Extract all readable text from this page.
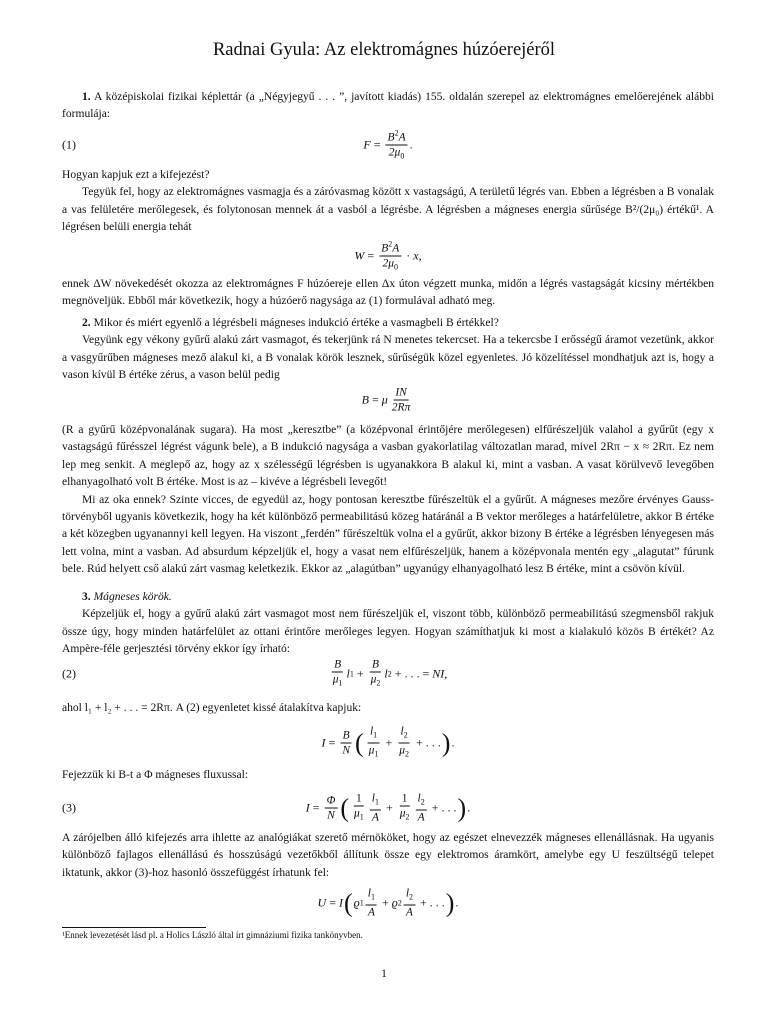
Radnai Gyula: Az elektromágnes húzóerejéről

1. A középiskolai fizikai képlettár (a „Négyjegyű . . . ”, javított kiadás) 155. oldalán szerepel az elektromágnes emelőerejének alábbi formulája:

(1)	$F = \frac{B^2A}{2\mu_0}$ .

Hogyan kapjuk ezt a kifejezést?

Tegyük fel, hogy az elektromágnes vasmagja és a záróvasmag között x vastagságú, A területű légrés van. Ebben a légrésben a B vonalak a vas felületére merőlegesek, és folytonosan mennek át a vasból a légrésbe. A légrésben a mágneses energia sűrűsége B²/(2μ₀) értékű¹. A légrésen belüli energia tehát

$W = \frac{B^2A}{2\mu_0} \cdot x$ ,

ennek ΔW növekedését okozza az elektromágnes F húzóereje ellen Δx úton végzett munka, midőn a légrés vastagságát kicsiny mértékben megnöveljük. Ebből már következik, hogy a húzóerő nagysága az (1) formulával adható meg.

2. Mikor és miért egyenlő a légrésbeli mágneses indukció értéke a vasmagbeli B értékkel?

Vegyünk egy vékony gyűrű alakú zárt vasmagot, és tekerjünk rá N menetes tekercset. Ha a tekercsbe I erősségű áramot vezetünk, akkor a vasgyűrűben mágneses mező alakul ki, a B vonalak körök lesznek, sűrűségük közel egyenletes. Jó közelítéssel mondhatjuk azt is, hogy a vason kívül B értéke zérus, a vason belül pedig

B = μ $\frac{IN}{2R\pi}$

(R a gyűrű középvonalának sugara). Ha most „keresztbe” (a középvonal érintőjére merőlegesen) elfűrészeljük valahol a gyűrűt (egy x vastagságú fűrésszel légrést vágunk bele), a B indukció nagysága a vasban gyakorlatilag változatlan marad, mivel 2Rπ − x ≈ 2Rπ. Ez nem lep meg senkit. A meglepő az, hogy az x szélességű légrésben is ugyanakkora B alakul ki, mint a vasban. A vasat körülvevő levegőben elhanyagolható volt B értéke. Most is az – kivéve a légrésbeli levegőt!

Mi az oka ennek? Szinte vicces, de egyedül az, hogy pontosan keresztbe fűrészeltük el a gyűrűt. A mágneses mezőre érvényes Gauss-törvényből ugyanis következik, hogy ha két különböző permeabilitású közeg határánál a B vektor merőleges a határfelületre, akkor B értéke a két közegben ugyanannyi kell legyen. Ha viszont „ferdén” fűrészeltük volna el a gyűrűt, akkor bizony B értéke a légrésben lényegesen más lett volna, mint a vasban. Ad absurdum képzeljük el, hogy a vasat nem elfűrészeljük, hanem a középvonala mentén egy „alagutat” fúrunk bele. Rúd helyett cső alakú zárt vasmag keletkezik. Ekkor az „alagútban” ugyanúgy elhanyagolható lesz B értéke, mint a csövön kívül.

3. Mágneses körök.

Képzeljük el, hogy a gyűrű alakú zárt vasmagot most nem fűrészeljük el, viszont több, különböző permeabilitású szegmensből rakjuk össze úgy, hogy minden határfelület az ottani érintőre merőleges legyen. Hogyan számíthatjuk ki most a kialakuló közös B értékét? Az Ampère-féle gerjesztési törvény ekkor így írható:

(2)	$\frac{B}{\mu_1}$ l $1 + \frac{B}{\mu_2}$ l 2 + . . . = NI ,

ahol l₁ + l₂ + . . . = 2Rπ. A (2) egyenletet kissé átalakítva kapjuk:

$I = \frac{B}{N}$ ( $\frac{l_1}{\mu_1} + \frac{l_2}{\mu_2}$ + . . . ) .

Fejezzük ki B-t a Φ mágneses fluxussal:

(3)	$I = \frac{\Phi}{N}$ ( $\frac{1}{\mu_1} \frac{l_1}{A} + \frac{1}{\mu_2} \frac{l_2}{A}$ + . . . ) .

A zárójelben álló kifejezés arra ihlette az analógiákat szerető mérnököket, hogy az egészet elnevezzék mágneses ellenállásnak. Ha ugyanis különböző fajlagos ellenállású és hosszúságú vezetőkből állítunk össze egy elektromos áramkört, amelybe egy U feszültségű telepet iktatunk, akkor (3)-hoz hasonló összefüggést írhatunk fel:

U = I ( ϱ $1 \frac{l_1}{A} + ϱ$ $2 \frac{l_2}{A}$ + . . . ) .
¹Ennek levezetését lásd pl. a Holics László által írt gimnáziumi fizika tankönyvben.
1
